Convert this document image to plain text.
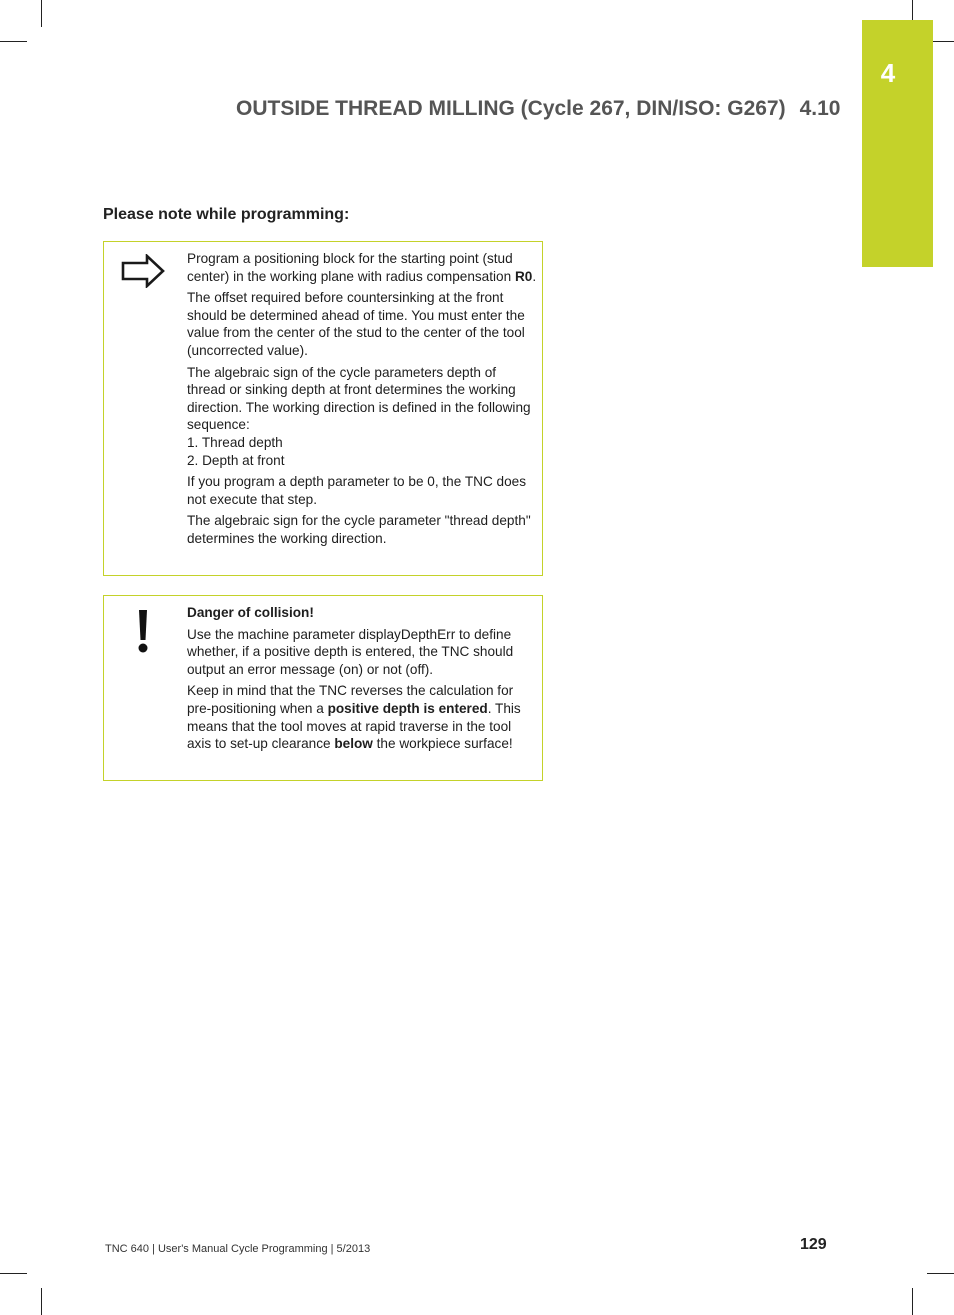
4
OUTSIDE THREAD MILLING (Cycle 267, DIN/ISO: G267) 4.10
Please note while programming:

Program a positioning block for the starting point (stud center) in the working plane with radius compensation R0.

The offset required before countersinking at the front should be determined ahead of time. You must enter the value from the center of the stud to the center of the tool (uncorrected value).

The algebraic sign of the cycle parameters depth of thread or sinking depth at front determines the working direction. The working direction is defined in the following sequence:
1. Thread depth
2. Depth at front

If you program a depth parameter to be 0, the TNC does not execute that step.

The algebraic sign for the cycle parameter "thread depth" determines the working direction.

Danger of collision!

Use the machine parameter displayDepthErr to define whether, if a positive depth is entered, the TNC should output an error message (on) or not (off).

Keep in mind that the TNC reverses the calculation for pre-positioning when a positive depth is entered. This means that the tool moves at rapid traverse in the tool axis to set-up clearance below the workpiece surface!

TNC 640 | User's Manual Cycle Programming | 5/2013	129
